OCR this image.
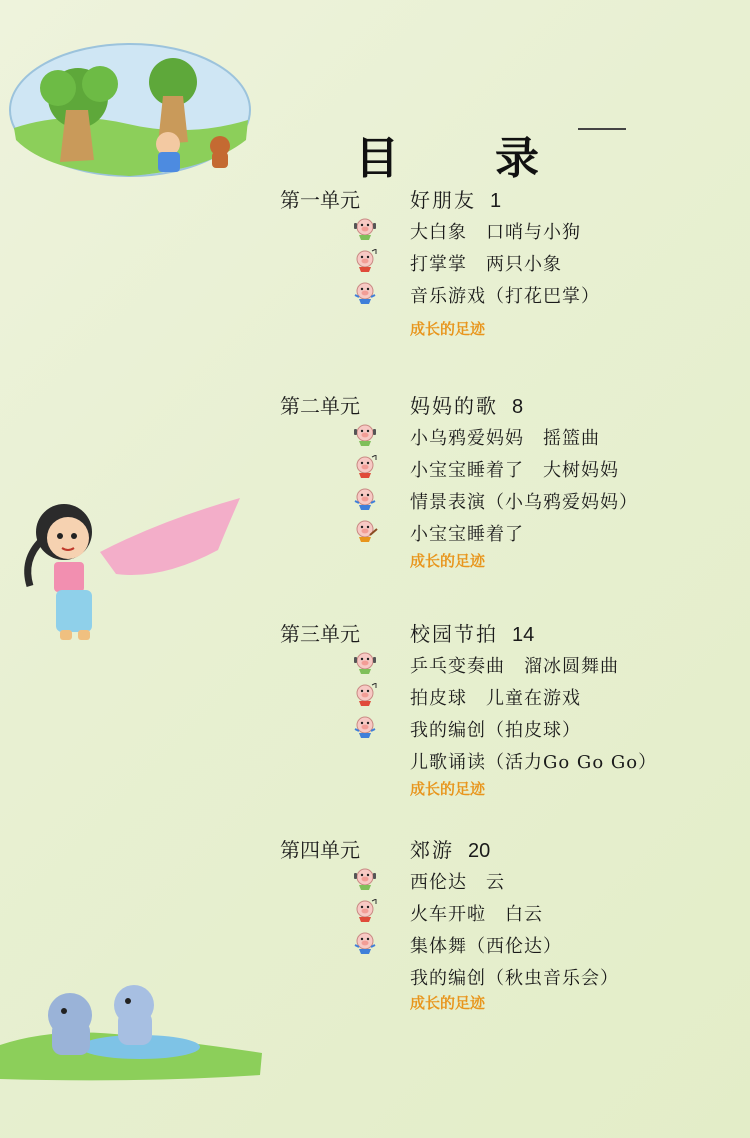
目　录
第一单元	好朋友 1
大白象　口哨与小狗
打掌掌　两只小象
音乐游戏（打花巴掌）
成长的足迹
第二单元	妈妈的歌 8
小乌鸦爱妈妈　摇篮曲
小宝宝睡着了　大树妈妈
情景表演（小乌鸦爱妈妈）
小宝宝睡着了
成长的足迹
第三单元	校园节拍 14
乒乓变奏曲　溜冰圆舞曲
拍皮球　儿童在游戏
我的编创（拍皮球）
儿歌诵读（活力Go Go Go）
成长的足迹
第四单元	郊游 20
西伦达　云
火车开啦　白云
集体舞（西伦达）
我的编创（秋虫音乐会）
成长的足迹
